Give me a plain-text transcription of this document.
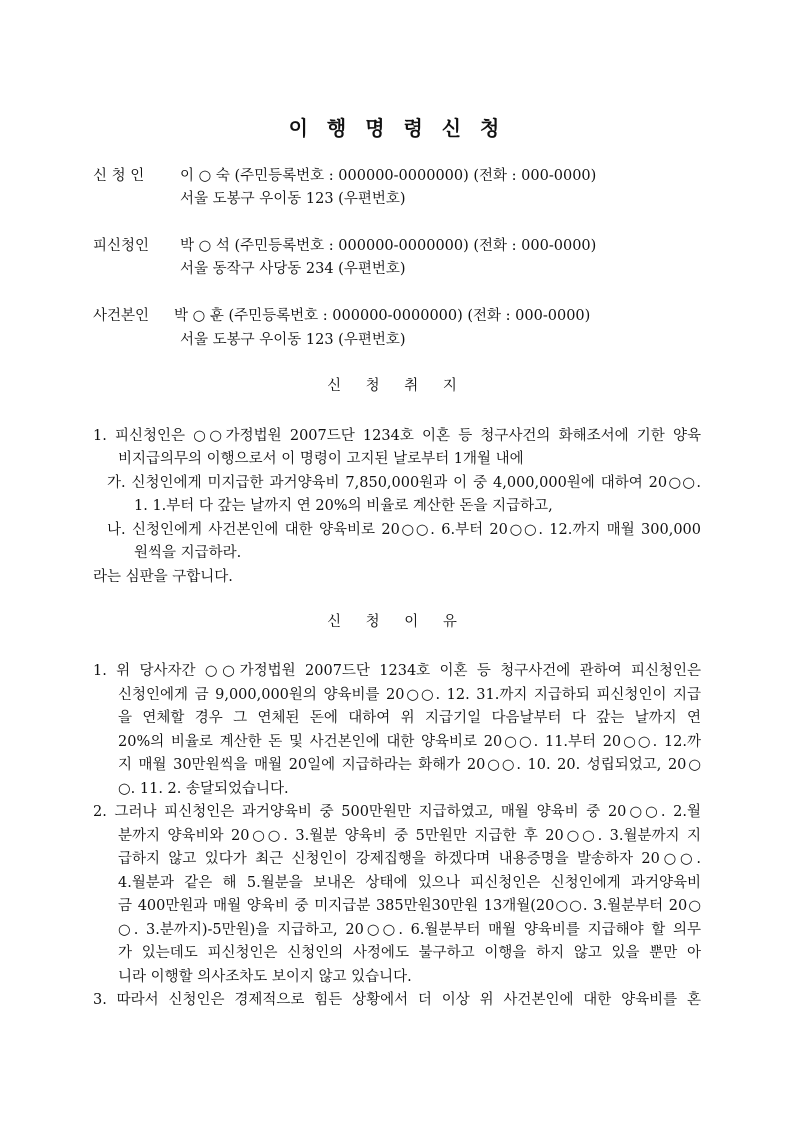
이 행 명 령 신 청
신 청 인 이 ○ 숙 (주민등록번호 : 000000-0000000) (전화 : 000-0000)
서울 도봉구 우이동 123 (우편번호)
피신청인 박 ○ 석 (주민등록번호 : 000000-0000000) (전화 : 000-0000)
서울 동작구 사당동 234 (우편번호)
사건본인 박 ○ 훈 (주민등록번호 : 000000-0000000) (전화 : 000-0000)
서울 도봉구 우이동 123 (우편번호)
신 청 취 지
1. 피신청인은 ○○가정법원 2007드단 1234호 이혼 등 청구사건의 화해조서에 기한 양육
비지급의무의 이행으로서 이 명령이 고지된 날로부터 1개월 내에
가. 신청인에게 미지급한 과거양육비 7,850,000원과 이 중 4,000,000원에 대하여 20○○.
1. 1.부터 다 갚는 날까지 연 20%의 비율로 계산한 돈을 지급하고,
나. 신청인에게 사건본인에 대한 양육비로 20○○. 6.부터 20○○. 12.까지 매월 300,000
원씩을 지급하라.
라는 심판을 구합니다.
신 청 이 유
1. 위 당사자간 ○○가정법원 2007드단 1234호 이혼 등 청구사건에 관하여 피신청인은
신청인에게 금 9,000,000원의 양육비를 20○○. 12. 31.까지 지급하되 피신청인이 지급
을 연체할 경우 그 연체된 돈에 대하여 위 지급기일 다음날부터 다 갚는 날까지 연
20%의 비율로 계산한 돈 및 사건본인에 대한 양육비로 20○○. 11.부터 20○○. 12.까
지 매월 30만원씩을 매월 20일에 지급하라는 화해가 20○○. 10. 20. 성립되었고, 20○
○. 11. 2. 송달되었습니다.
2. 그러나 피신청인은 과거양육비 중 500만원만 지급하였고, 매월 양육비 중 20○○. 2.월
분까지 양육비와 20○○. 3.월분 양육비 중 5만원만 지급한 후 20○○. 3.월분까지 지
급하지 않고 있다가 최근 신청인이 강제집행을 하겠다며 내용증명을 발송하자 20○○.
4.월분과 같은 해 5.월분을 보내온 상태에 있으나 피신청인은 신청인에게 과거양육비
금 400만원과 매월 양육비 중 미지급분 385만원30만원 13개월(20○○. 3.월분부터 20○
○. 3.분까지)-5만원)을 지급하고, 20○○. 6.월분부터 매월 양육비를 지급해야 할 의무
가 있는데도 피신청인은 신청인의 사정에도 불구하고 이행을 하지 않고 있을 뿐만 아
니라 이행할 의사조차도 보이지 않고 있습니다.
3. 따라서 신청인은 경제적으로 힘든 상황에서 더 이상 위 사건본인에 대한 양육비를 혼
